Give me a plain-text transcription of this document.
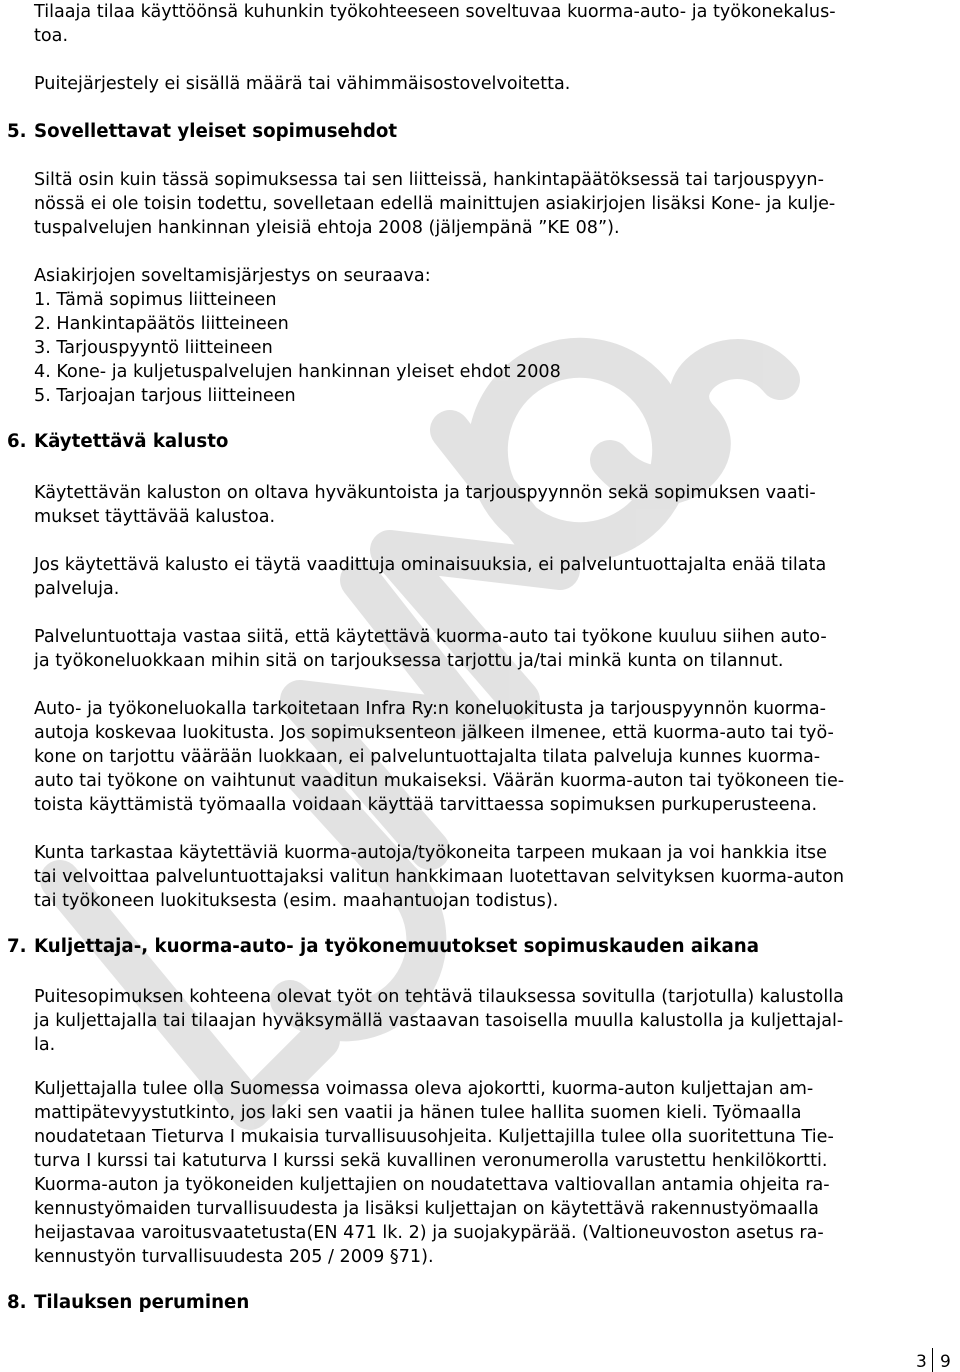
Tilaaja tilaa käyttöönsä kuhunkin työkohteeseen soveltuvaa kuorma-auto- ja työkonekalus-
toa.
Puitejärjestely ei sisällä määrä tai vähimmäisostovelvoitetta.
5. Sovellettavat yleiset sopimusehdot
Siltä osin kuin tässä sopimuksessa tai sen liitteissä, hankintapäätöksessä tai tarjouspyyn-
nössä ei ole toisin todettu, sovelletaan edellä mainittujen asiakirjojen lisäksi Kone- ja kulje-
tuspalvelujen hankinnan yleisiä ehtoja 2008 (jäljempänä ”KE 08”).
Asiakirjojen soveltamisjärjestys on seuraava:
1. Tämä sopimus liitteineen
2. Hankintapäätös liitteineen
3. Tarjouspyyntö liitteineen
4. Kone- ja kuljetuspalvelujen hankinnan yleiset ehdot 2008
5. Tarjoajan tarjous liitteineen
6. Käytettävä kalusto
Käytettävän kaluston on oltava hyväkuntoista ja tarjouspyynnön sekä sopimuksen vaati-
mukset täyttävää kalustoa.
Jos käytettävä kalusto ei täytä vaadittuja ominaisuuksia, ei palveluntuottajalta enää tilata
palveluja.
Palveluntuottaja vastaa siitä, että käytettävä kuorma-auto tai työkone kuuluu siihen auto-
ja työkoneluokkaan mihin sitä on tarjouksessa tarjottu ja/tai minkä kunta on tilannut.
Auto- ja työkoneluokalla tarkoitetaan Infra Ry:n koneluokitusta ja tarjouspyynnön kuorma-
autoja koskevaa luokitusta. Jos sopimuksenteon jälkeen ilmenee, että kuorma-auto tai työ-
kone on tarjottu väärään luokkaan, ei palveluntuottajalta tilata palveluja kunnes kuorma-
auto tai työkone on vaihtunut vaaditun mukaiseksi. Väärän kuorma-auton tai työkoneen tie-
toista käyttämistä työmaalla voidaan käyttää tarvittaessa sopimuksen purkuperusteena.
Kunta tarkastaa käytettäviä kuorma-autoja/työkoneita tarpeen mukaan ja voi hankkia itse
tai velvoittaa palveluntuottajaksi valitun hankkimaan luotettavan selvityksen kuorma-auton
tai työkoneen luokituksesta (esim. maahantuojan todistus).
7. Kuljettaja-, kuorma-auto- ja työkonemuutokset sopimuskauden aikana
Puitesopimuksen kohteena olevat työt on tehtävä tilauksessa sovitulla (tarjotulla) kalustolla
ja kuljettajalla tai tilaajan hyväksymällä vastaavan tasoisella muulla kalustolla ja kuljettajal-
la.
Kuljettajalla tulee olla Suomessa voimassa oleva ajokortti, kuorma-auton kuljettajan am-
mattipätevyystutkinto, jos laki sen vaatii ja hänen tulee hallita suomen kieli. Työmaalla
noudatetaan Tieturva I mukaisia turvallisuusohjeita. Kuljettajilla tulee olla suoritettuna Tie-
turva I kurssi tai katuturva I kurssi sekä kuvallinen veronumerolla varustettu henkilökortti.
Kuorma-auton ja työkoneiden kuljettajien on noudatettava valtiovallan antamia ohjeita ra-
kennustyömaiden turvallisuudesta ja lisäksi kuljettajan on käytettävä rakennustyömaalla
heijastavaa varoitusvaatetusta(EN 471 lk. 2) ja suojakypärää. (Valtioneuvoston asetus ra-
kennustyön turvallisuudesta 205 / 2009 §71).
8. Tilauksen peruminen
3 9
